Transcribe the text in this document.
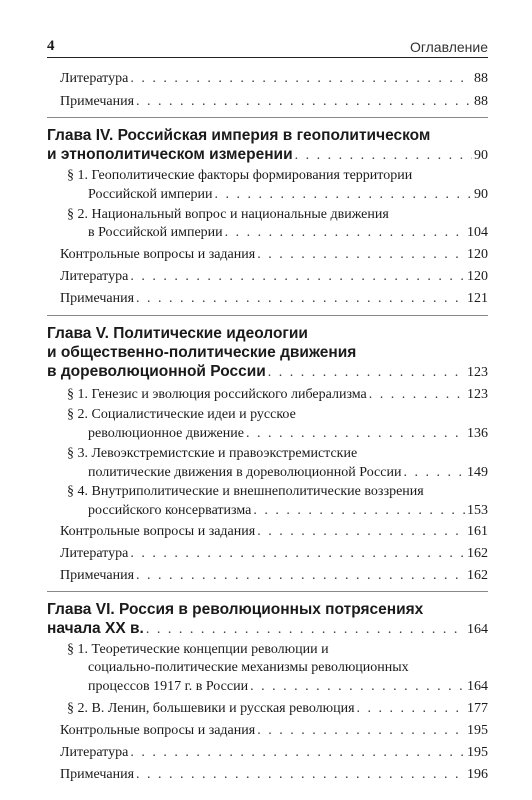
4	Оглавление
Литература . . .	88
Примечания . . .	88
Глава IV. Российская империя в геополитическом
и этнополитическом измерении . . .	90
§ 1. Геополитические факторы формирования территории
Российской империи . . .	90
§ 2. Национальный вопрос и национальные движения
в Российской империи . . .	104
Контрольные вопросы и задания . . .	120
Литература . . .	120
Примечания . . .	121
Глава V. Политические идеологии
и общественно-политические движения
в дореволюционной России . . .	123
§ 1. Генезис и эволюция российского либерализма . . .	123
§ 2. Социалистические идеи и русское
революционное движение . . .	136
§ 3. Левоэкстремистские и правоэкстремистские
политические движения в дореволюционной России . . .	149
§ 4. Внутриполитические и внешнеполитические воззрения
российского консерватизма . . .	153
Контрольные вопросы и задания . . .	161
Литература . . .	162
Примечания . . .	162
Глава VI. Россия в революционных потрясениях
начала XX в. . . .	164
§ 1. Теоретические концепции революции и
социально-политические механизмы революционных
процессов 1917 г. в России . . .	164
§ 2. В. Ленин, большевики и русская революция . . .	177
Контрольные вопросы и задания . . .	195
Литература . . .	195
Примечания . . .	196
